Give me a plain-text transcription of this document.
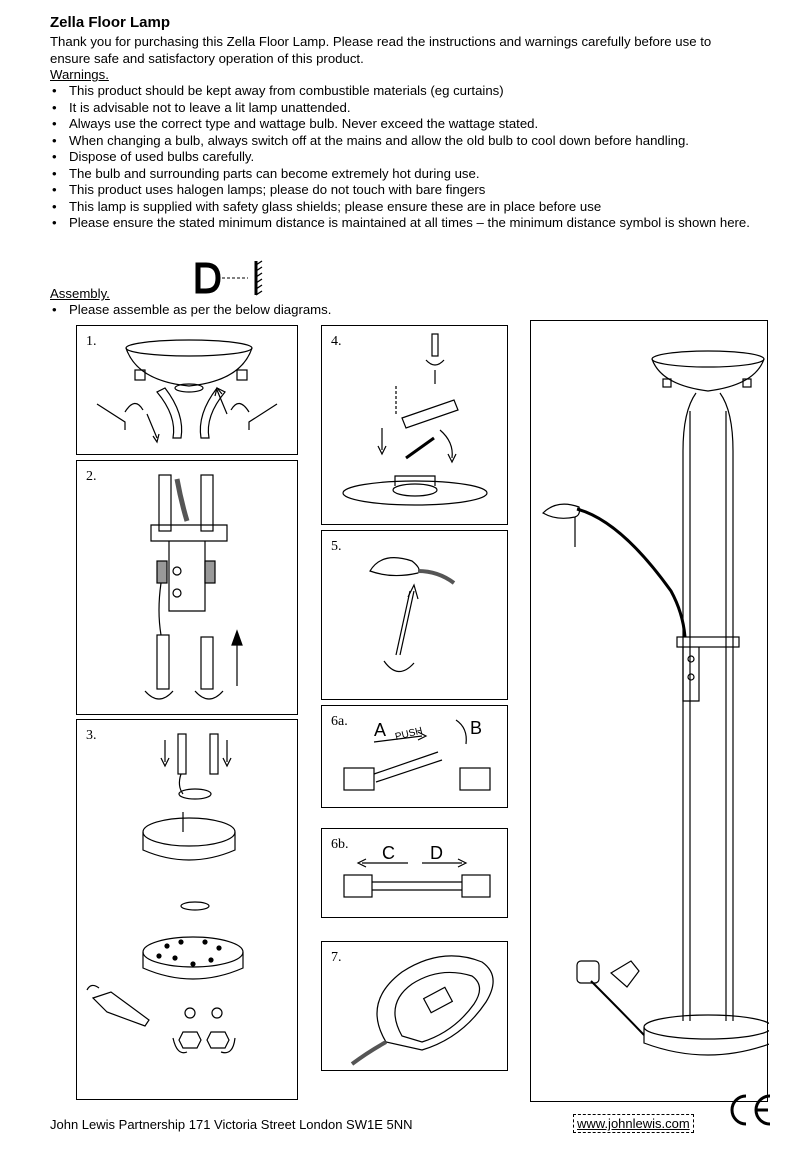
Zella Floor Lamp
Thank you for purchasing this Zella Floor Lamp. Please read the instructions and warnings carefully before use to ensure safe and satisfactory operation of this product.
Warnings.
• This product should be kept away from combustible materials (eg curtains)
• It is advisable not to leave a lit lamp unattended.
• Always use the correct type and wattage bulb. Never exceed the wattage stated.
• When changing a bulb, always switch off at the mains and allow the old bulb to cool down before handling.
• Dispose of used bulbs carefully.
• The bulb and surrounding parts can become extremely hot during use.
• This product uses halogen lamps; please do not touch with bare fingers
• This lamp is supplied with safety glass shields; please ensure these are in place before use
• Please ensure the stated minimum distance is maintained at all times – the minimum distance symbol is shown here.
Assembly.
• Please assemble as per the below diagrams.
1.
2.
3.
4.
5.
6a. A PUSH	B
6b. C D
7.
John Lewis Partnership 171 Victoria Street London SW1E 5NN	www.johnlewis.com
